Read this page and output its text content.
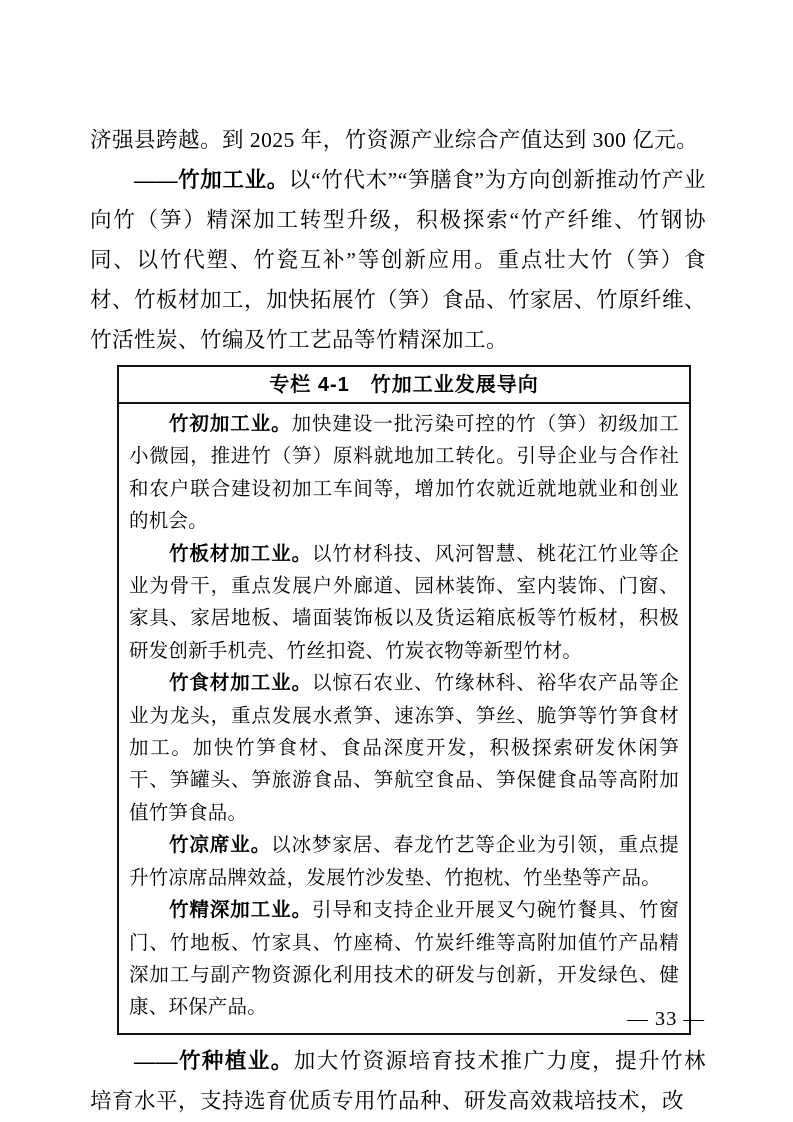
济强县跨越。到 2025 年，竹资源产业综合产值达到 300 亿元。

——竹加工业。以“竹代木”“笋膳食”为方向创新推动竹产业向竹（笋）精深加工转型升级，积极探索“竹产纤维、竹钢协同、以竹代塑、竹瓷互补”等创新应用。重点壮大竹（笋）食材、竹板材加工，加快拓展竹（笋）食品、竹家居、竹原纤维、竹活性炭、竹编及竹工艺品等竹精深加工。

专栏 4-1　竹加工业发展导向

竹初加工业。加快建设一批污染可控的竹（笋）初级加工小微园，推进竹（笋）原料就地加工转化。引导企业与合作社和农户联合建设初加工车间等，增加竹农就近就地就业和创业的机会。

竹板材加工业。以竹材科技、风河智慧、桃花江竹业等企业为骨干，重点发展户外廊道、园林装饰、室内装饰、门窗、家具、家居地板、墙面装饰板以及货运箱底板等竹板材，积极研发创新手机壳、竹丝扣瓷、竹炭衣物等新型竹材。

竹食材加工业。以惊石农业、竹缘林科、裕华农产品等企业为龙头，重点发展水煮笋、速冻笋、笋丝、脆笋等竹笋食材加工。加快竹笋食材、食品深度开发，积极探索研发休闲笋干、笋罐头、笋旅游食品、笋航空食品、笋保健食品等高附加值竹笋食品。

竹凉席业。以冰梦家居、春龙竹艺等企业为引领，重点提升竹凉席品牌效益，发展竹沙发垫、竹抱枕、竹坐垫等产品。

竹精深加工业。引导和支持企业开展叉勺碗竹餐具、竹窗门、竹地板、竹家具、竹座椅、竹炭纤维等高附加值竹产品精深加工与副产物资源化利用技术的研发与创新，开发绿色、健康、环保产品。

——竹种植业。加大竹资源培育技术推广力度，提升竹林培育水平，支持选育优质专用竹品种、研发高效栽培技术，改

— 33 —
